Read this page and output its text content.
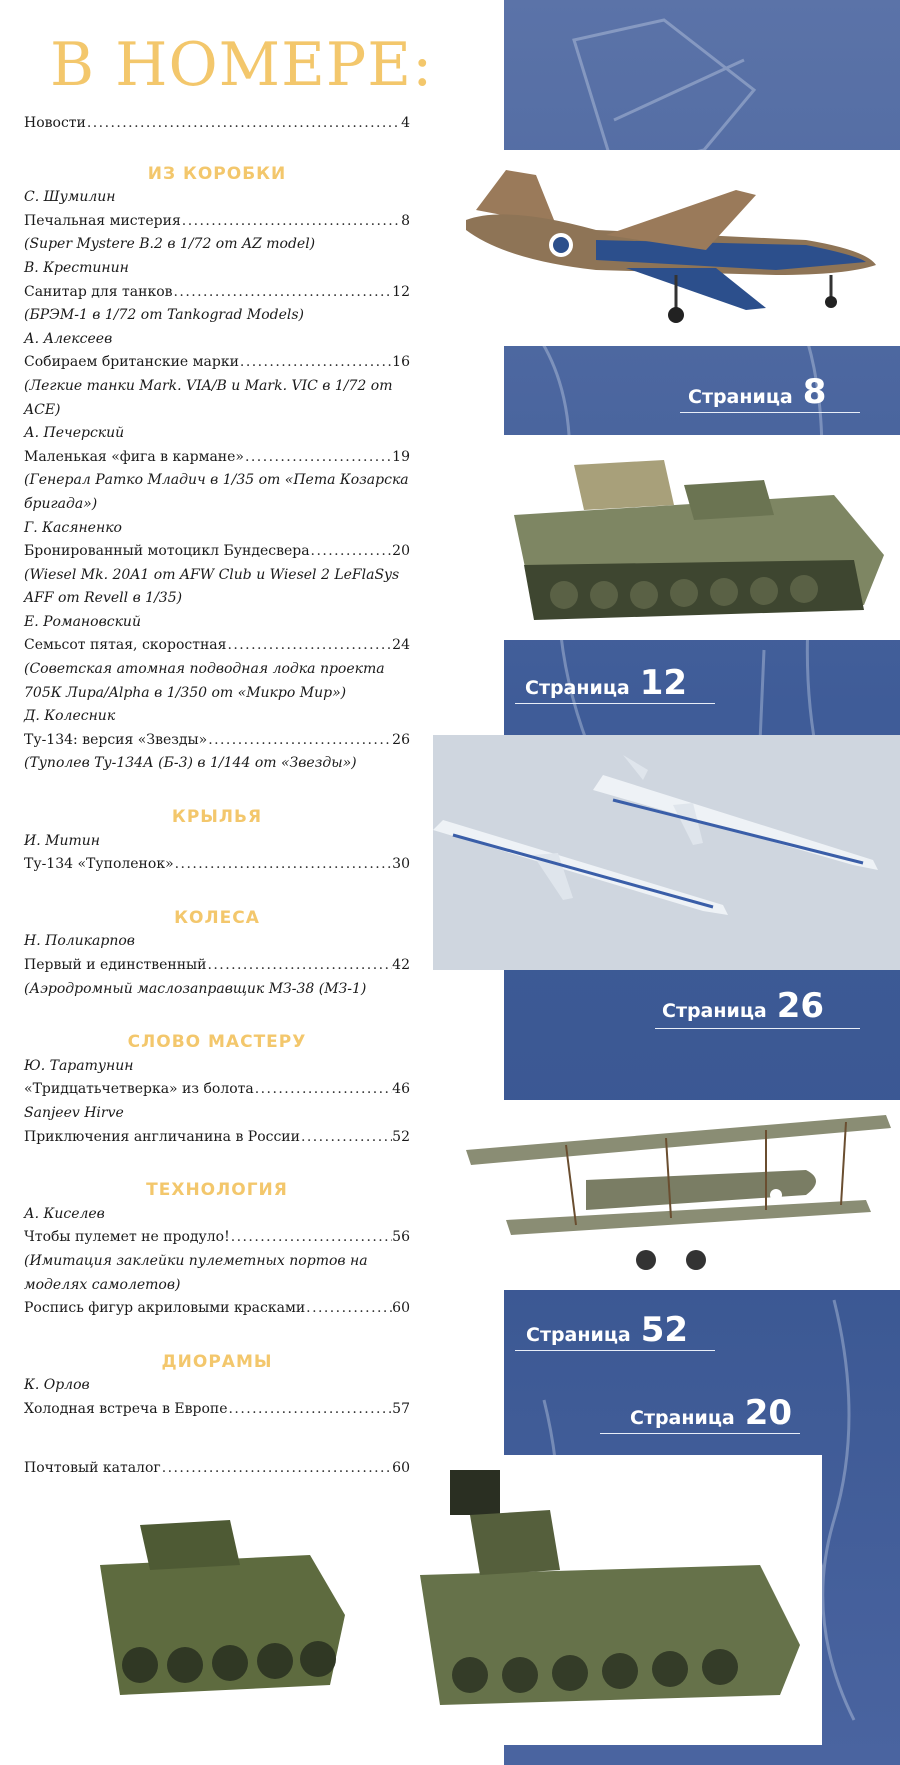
В НОМЕРЕ:
Новости . . .	4
ИЗ КОРОБКИ
С. Шумилин
Печальная мистерия . . .	8
(Super Mystere B.2 в 1/72 от AZ model)
В. Крестинин
Санитар для танков . . .	12
(БРЭМ-1 в 1/72 от Tankograd Models)
А. Алексеев
Собираем британские марки . . .	16
(Легкие танки Mark. VIA/B и Mark. VIC в 1/72 от ACE)
А. Печерский
Маленькая «фига в кармане» . . .	19
(Генерал Ратко Младич в 1/35 от «Пета Козарска бригада»)
Г. Касяненко
Бронированный мотоцикл Бундесвера . . .	20
(Wiesel Mk. 20A1 от AFW Club и Wiesel 2 LeFlaSys AFF от Revell в 1/35)
Е. Романовский
Семьсот пятая, скоростная . . .	24
(Советская атомная подводная лодка проекта 705К Лира/Alpha в 1/350 от «Микро Мир»)
Д. Колесник
Ту-134: версия «Звезды» . . .	26
(Туполев Ту-134А (Б-3) в 1/144 от «Звезды»)
КРЫЛЬЯ
И. Митин
Ту-134 «Туполенок» . . .	30
КОЛЕСА
Н. Поликарпов
Первый и единственный . . .	42
(Аэродромный маслозаправщик МЗ-38 (МЗ-1)
СЛОВО МАСТЕРУ
Ю. Таратунин
«Тридцатьчетверка» из болота . . .	46
Sanjeev Hirve
Приключения англичанина в России . . .	52
ТЕХНОЛОГИЯ
А. Киселев
Чтобы пулемет не продуло! . . .	56
(Имитация заклейки пулеметных портов на моделях самолетов)
Роспись фигур акриловыми красками . . .	60
ДИОРАМЫ
К. Орлов
Холодная встреча в Европе . . .	57
Почтовый каталог . . .	60
Страница 8
Страница 12
Страница 26
Страница 52
Страница 20
